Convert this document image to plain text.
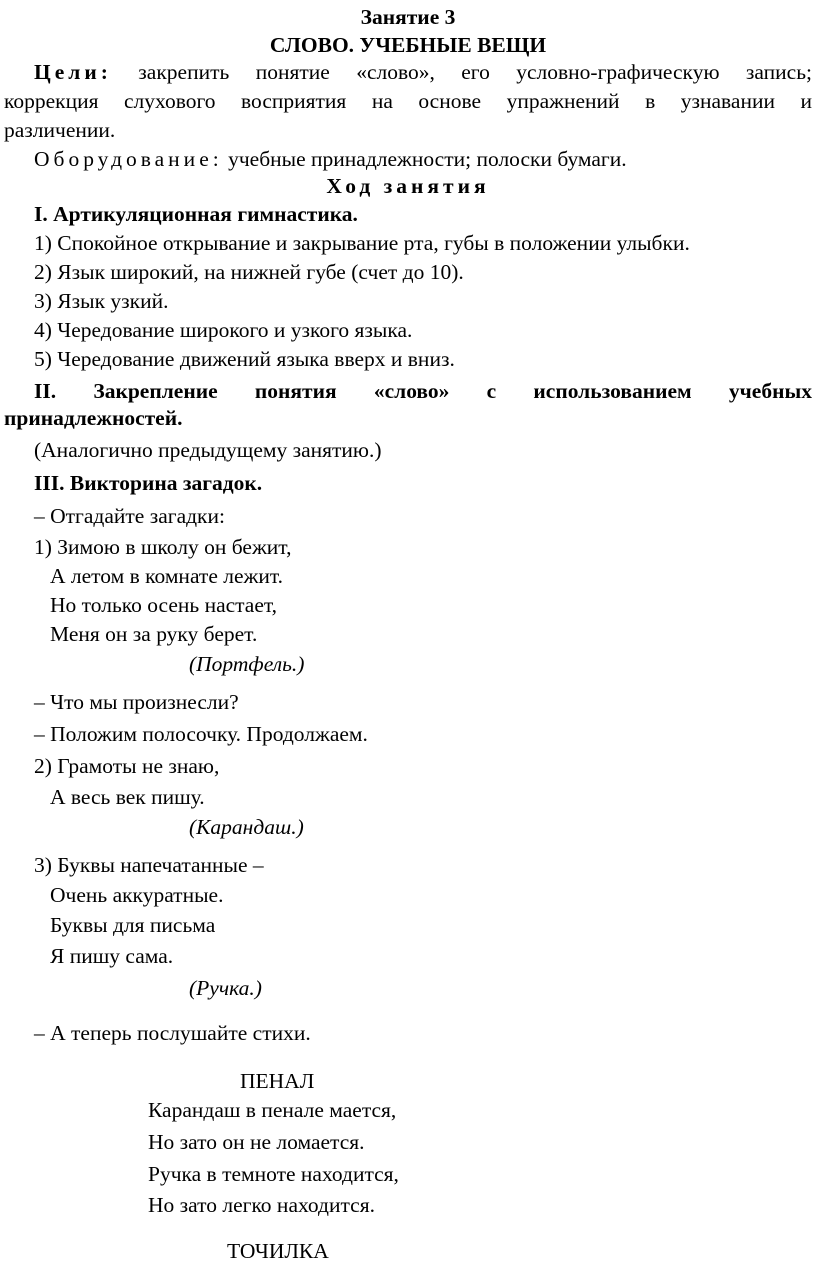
Занятие 3
СЛОВО. УЧЕБНЫЕ ВЕЩИ
Цели: закрепить понятие «слово», его условно-графическую запись;
коррекция слухового восприятия на основе упражнений в узнавании и
различении.
Оборудование: учебные принадлежности; полоски бумаги.
Ход занятия
I. Артикуляционная гимнастика.
1) Спокойное открывание и закрывание рта, губы в положении улыбки.
2) Язык широкий, на нижней губе (счет до 10).
3) Язык узкий.
4) Чередование широкого и узкого языка.
5) Чередование движений языка вверх и вниз.
II. Закрепление понятия «слово» с использованием учебных
принадлежностей.
(Аналогично предыдущему занятию.)
III. Викторина загадок.
– Отгадайте загадки:
1) Зимою в школу он бежит,
А летом в комнате лежит.
Но только осень настает,
Меня он за руку берет.
(Портфель.)
– Что мы произнесли?
– Положим полосочку. Продолжаем.
2) Грамоты не знаю,
А весь век пишу.
(Карандаш.)
3) Буквы напечатанные –
Очень аккуратные.
Буквы для письма
Я пишу сама.
(Ручка.)
– А теперь послушайте стихи.
ПЕНАЛ
Карандаш в пенале мается,
Но зато он не ломается.
Ручка в темноте находится,
Но зато легко находится.
ТОЧИЛКА
